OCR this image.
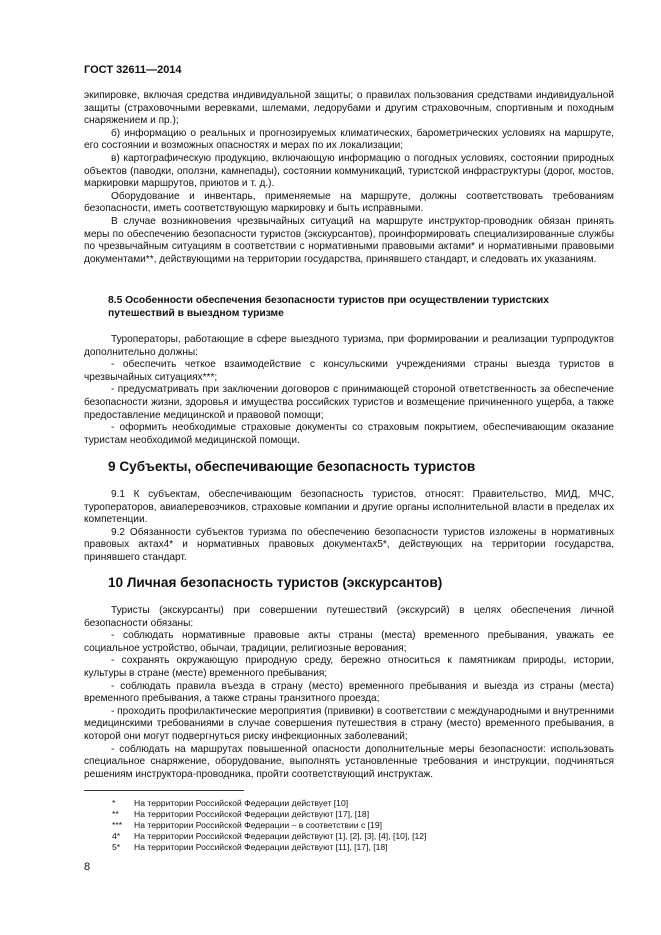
ГОСТ 32611—2014

экипировке, включая средства индивидуальной защиты; о правилах пользования средствами индивидуальной защиты (страховочными веревками, шлемами, ледорубами и другим страховочным, спортивным и походным снаряжением и пр.);

б) информацию о реальных и прогнозируемых климатических, барометрических условиях на маршруте, его состоянии и возможных опасностях и мерах по их локализации;

в) картографическую продукцию, включающую информацию о погодных условиях, состоянии природных объектов (паводки, оползни, камнепады), состоянии коммуникаций, туристской инфраструктуры (дорог, мостов, маркировки маршрутов, приютов и т. д.).

Оборудование и инвентарь, применяемые на маршруте, должны соответствовать требованиям безопасности, иметь соответствующую маркировку и быть исправными.

В случае возникновения чрезвычайных ситуаций на маршруте инструктор-проводник обязан принять меры по обеспечению безопасности туристов (экскурсантов), проинформировать специализированные службы по чрезвычайным ситуациям в соответствии с нормативными правовыми актами* и нормативными правовыми документами**, действующими на территории государства, принявшего стандарт, и следовать их указаниям.

8.5 Особенности обеспечения безопасности туристов при осуществлении туристских путешествий в выездном туризме

Туроператоры, работающие в сфере выездного туризма, при формировании и реализации турпродуктов дополнительно должны:

- обеспечить четкое взаимодействие с консульскими учреждениями страны выезда туристов в чрезвычайных ситуациях***;

- предусматривать при заключении договоров с принимающей стороной ответственность за обеспечение безопасности жизни, здоровья и имущества российских туристов и возмещение причиненного ущерба, а также предоставление медицинской и правовой помощи;

- оформить необходимые страховые документы со страховым покрытием, обеспечивающим оказание туристам необходимой медицинской помощи.

9 Субъекты, обеспечивающие безопасность туристов

9.1 К субъектам, обеспечивающим безопасность туристов, относят: Правительство, МИД, МЧС, туроператоров, авиаперевозчиков, страховые компании и другие органы исполнительной власти в пределах их компетенции.

9.2 Обязанности субъектов туризма по обеспечению безопасности туристов изложены в нормативных правовых актах4* и нормативных правовых документах5*, действующих на территории государства, принявшего стандарт.

10 Личная безопасность туристов (экскурсантов)

Туристы (экскурсанты) при совершении путешествий (экскурсий) в целях обеспечения личной безопасности обязаны:

- соблюдать нормативные правовые акты страны (места) временного пребывания, уважать ее социальное устройство, обычаи, традиции, религиозные верования;

- сохранять окружающую природную среду, бережно относиться к памятникам природы, истории, культуры в стране (месте) временного пребывания;

- соблюдать правила въезда в страну (место) временного пребывания и выезда из страны (места) временного пребывания, а также страны транзитного проезда;

- проходить профилактические мероприятия (прививки) в соответствии с международными и внутренними медицинскими требованиями в случае совершения путешествия в страну (место) временного пребывания, в которой они могут подвергнуться риску инфекционных заболеваний;

- соблюдать на маршрутах повышенной опасности дополнительные меры безопасности: использовать специальное снаряжение, оборудование, выполнять установленные требования и инструкции, подчиняться решениям инструктора-проводника, пройти соответствующий инструктаж.

* На территории Российской Федерации действует [10]
** На территории Российской Федерации действуют [17], [18]
*** На территории Российской Федерации – в соответствии с [19]
4* На территории Российской Федерации действуют [1], [2], [3], [4], [10], [12]
5* На территории Российской Федерации действуют [11], [17], [18]
8
